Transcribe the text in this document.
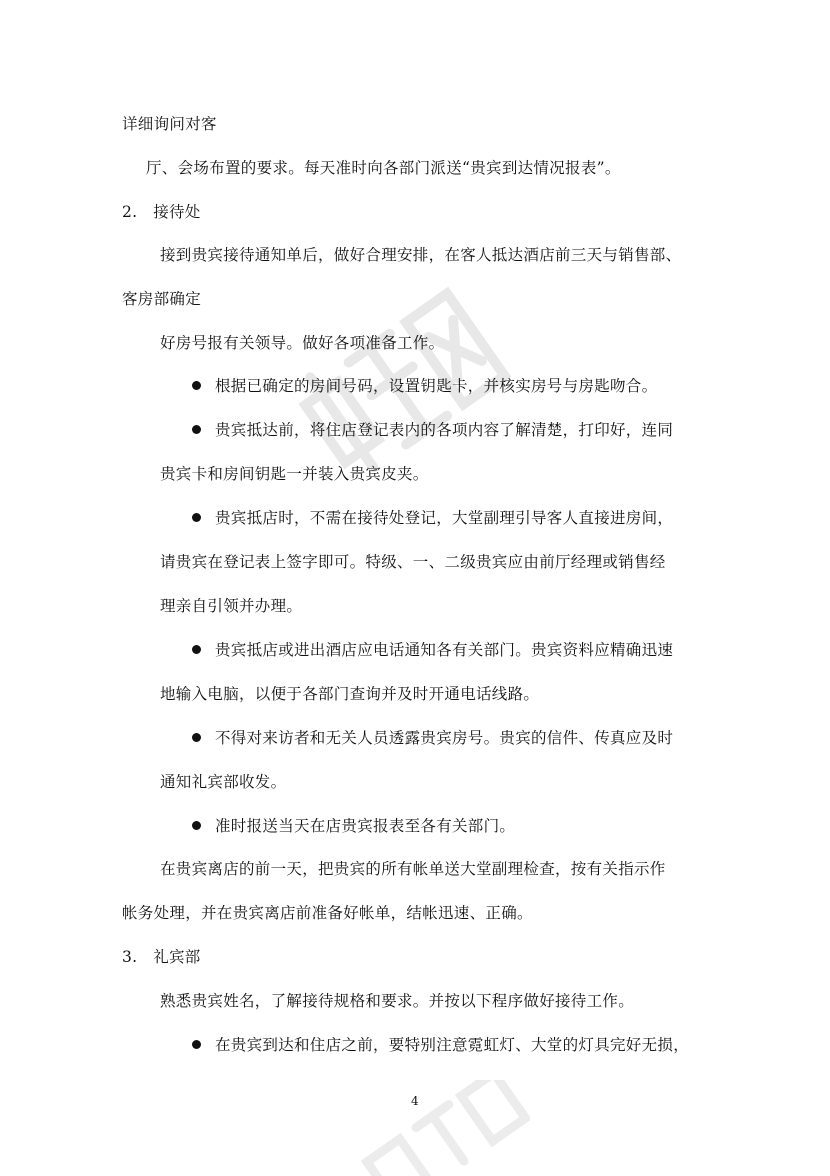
详细询问对客
厅、会场布置的要求。每天准时向各部门派送“贵宾到达情况报表”。
2.　接待处
接到贵宾接待通知单后，做好合理安排，在客人抵达酒店前三天与销售部、
客房部确定
好房号报有关领导。做好各项准备工作。
根据已确定的房间号码，设置钥匙卡，并核实房号与房匙吻合。
贵宾抵达前，将住店登记表内的各项内容了解清楚，打印好，连同
贵宾卡和房间钥匙一并装入贵宾皮夹。
贵宾抵店时，不需在接待处登记，大堂副理引导客人直接进房间，
请贵宾在登记表上签字即可。特级、一、二级贵宾应由前厅经理或销售经
理亲自引领并办理。
贵宾抵店或进出酒店应电话通知各有关部门。贵宾资料应精确迅速
地输入电脑，以便于各部门查询并及时开通电话线路。
不得对来访者和无关人员透露贵宾房号。贵宾的信件、传真应及时
通知礼宾部收发。
准时报送当天在店贵宾报表至各有关部门。
在贵宾离店的前一天，把贵宾的所有帐单送大堂副理检查，按有关指示作
帐务处理，并在贵宾离店前准备好帐单，结帐迅速、正确。
3.　礼宾部
熟悉贵宾姓名，了解接待规格和要求。并按以下程序做好接待工作。
在贵宾到达和住店之前，要特别注意霓虹灯、大堂的灯具完好无损，
4
